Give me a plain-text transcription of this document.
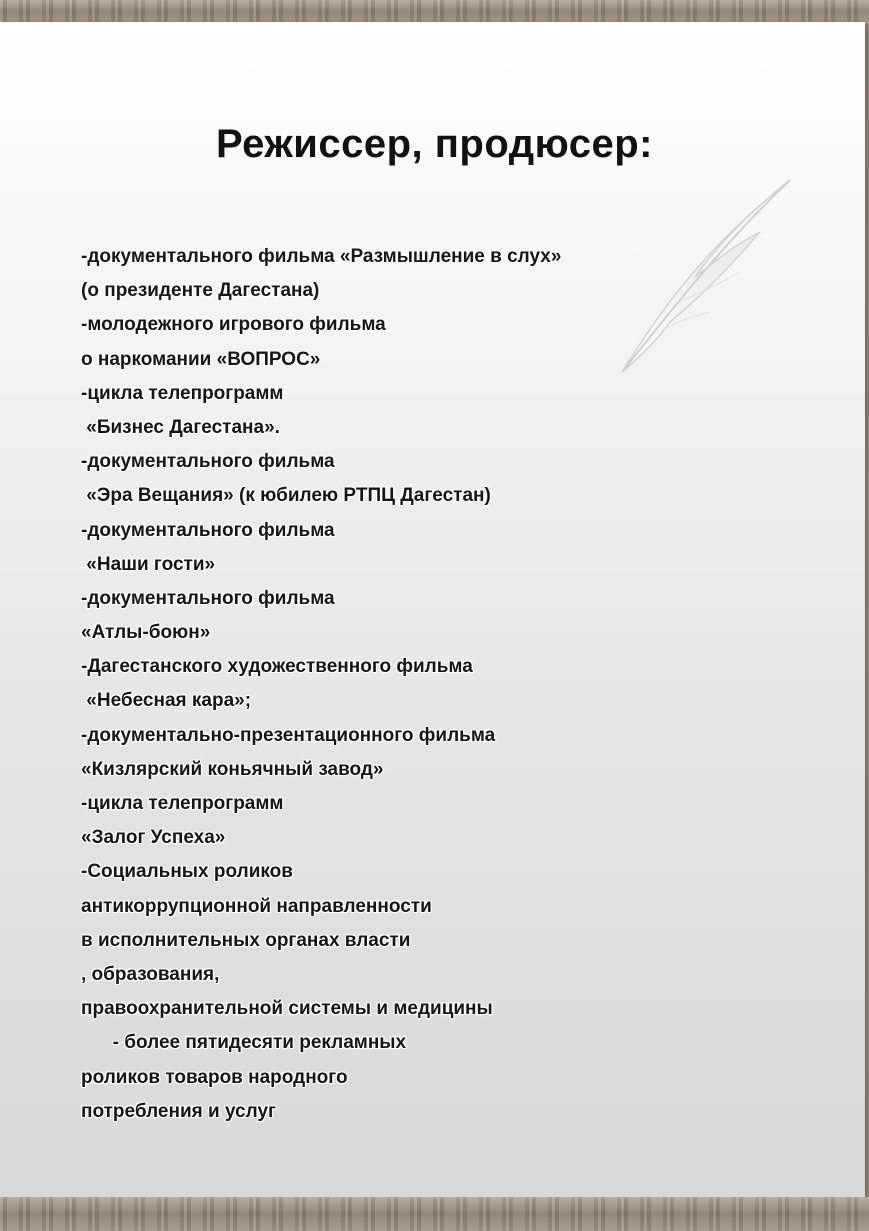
Режиссер, продюсер:
-документального фильма «Размышление в слух»
(о президенте Дагестана)
-молодежного игрового фильма
о наркомании «ВОПРОС»
-цикла телепрограмм
«Бизнес Дагестана».
-документального фильма
«Эра Вещания» (к юбилею РТПЦ Дагестан)
-документального фильма
«Наши гости»
-документального фильма
«Атлы-боюн»
-Дагестанского художественного фильма
«Небесная кара»;
-документально-презентационного фильма
«Кизлярский коньячный завод»
-цикла телепрограмм
«Залог Успеха»
-Социальных роликов
антикоррупционной направленности
в исполнительных органах власти
, образования,
правоохранительной системы и медицины
- более пятидесяти рекламных
роликов товаров народного
потребления и услуг
